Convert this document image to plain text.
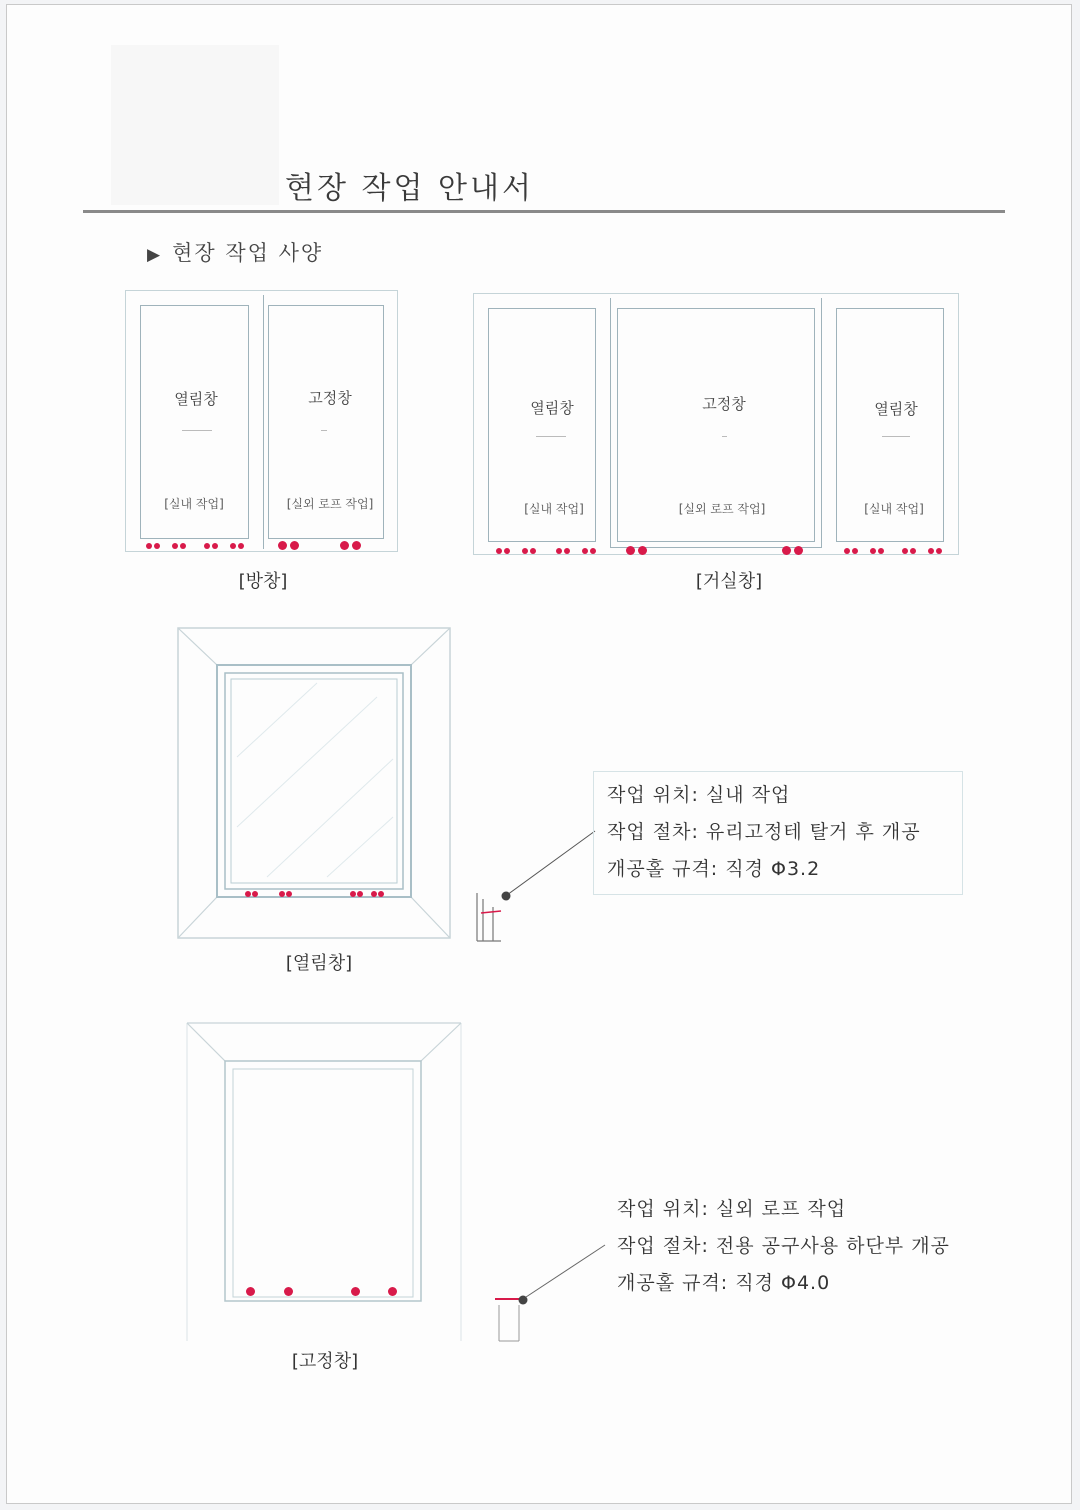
현장 작업 안내서
▶ 현장 작업 사양
열림창
[실내 작업]
고정창
[실외 로프 작업]
[방창]
열림창
[실내 작업]
고정창
[실외 로프 작업]
열림창
[실내 작업]
[거실창]
[열림창]
작업 위치: 실내 작업
작업 절차: 유리고정테 탈거 후 개공
개공홀 규격: 직경 Φ3.2
[고정창]
작업 위치: 실외 로프 작업
작업 절차: 전용 공구사용 하단부 개공
개공홀 규격: 직경 Φ4.0
